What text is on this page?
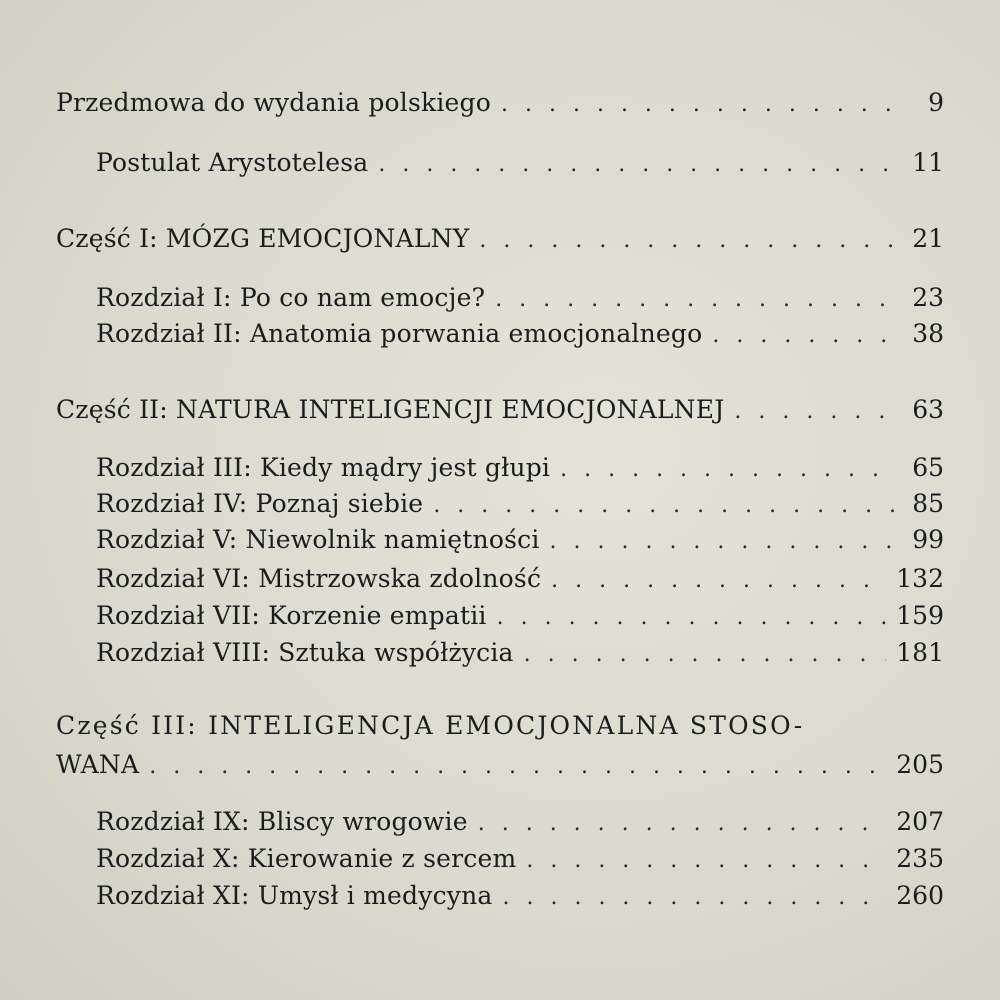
Przedmowa do wydania polskiego . . .	9
Postulat Arystotelesa . . .	11
Część I: MÓZG EMOCJONALNY . . .	21
Rozdział I: Po co nam emocje? . . .	23
Rozdział II: Anatomia porwania emocjonalnego . . .	38
Część II: NATURA INTELIGENCJI EMOCJONALNEJ . . .	63
Rozdział III: Kiedy mądry jest głupi . . .	65
Rozdział IV: Poznaj siebie . . .	85
Rozdział V: Niewolnik namiętności . . .	99
Rozdział VI: Mistrzowska zdolność . . .	132
Rozdział VII: Korzenie empatii . . .	159
Rozdział VIII: Sztuka współżycia . . .	181
Część III: INTELIGENCJA EMOCJONALNA STOSO-
WANA . . .	205
Rozdział IX: Bliscy wrogowie . . .	207
Rozdział X: Kierowanie z sercem . . .	235
Rozdział XI: Umysł i medycyna . . .	260
